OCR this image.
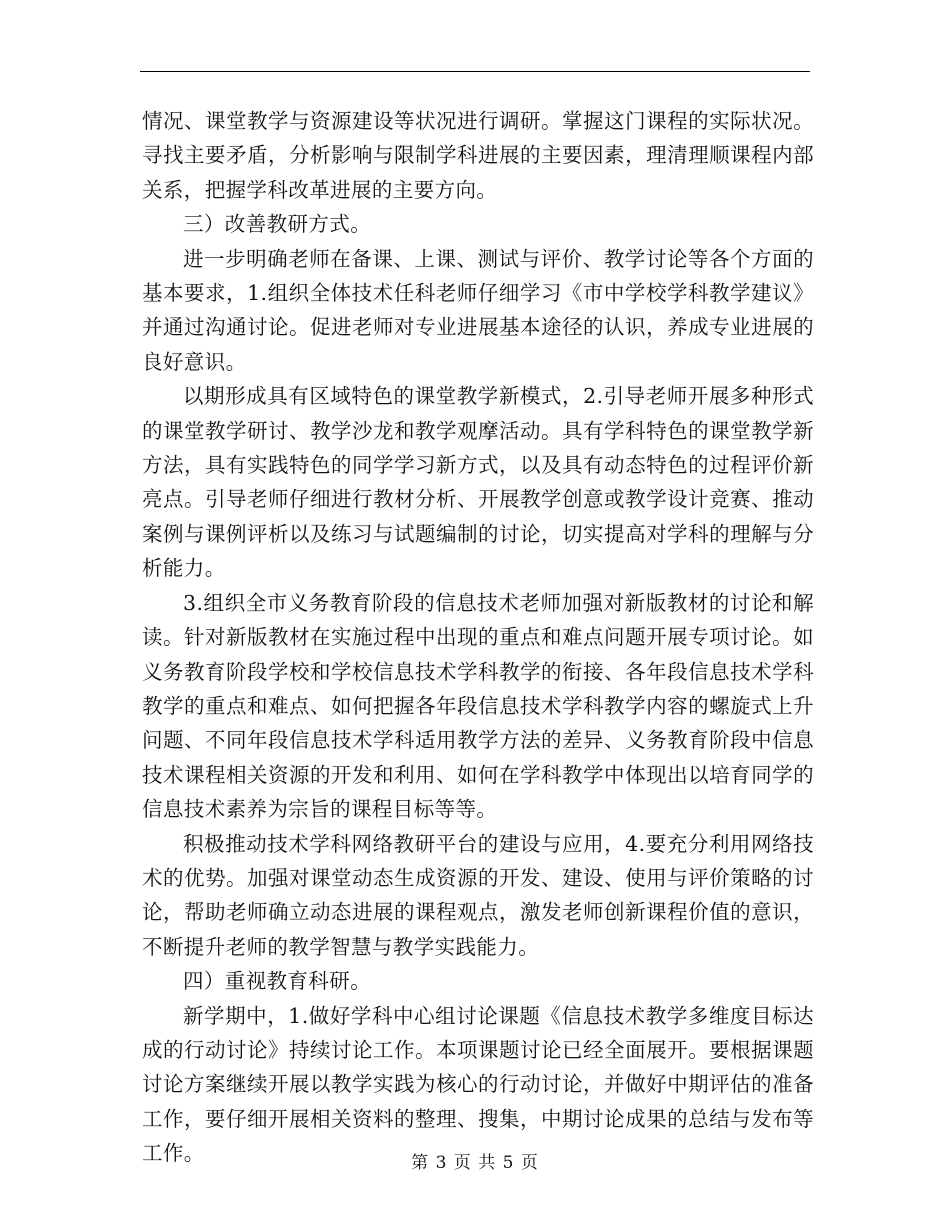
情况、课堂教学与资源建设等状况进行调研。掌握这门课程的实际状况。寻找主要矛盾，分析影响与限制学科进展的主要因素，理清理顺课程内部关系，把握学科改革进展的主要方向。

三）改善教研方式。

进一步明确老师在备课、上课、测试与评价、教学讨论等各个方面的基本要求，1.组织全体技术任科老师仔细学习《市中学校学科教学建议》并通过沟通讨论。促进老师对专业进展基本途径的认识，养成专业进展的良好意识。

以期形成具有区域特色的课堂教学新模式，2.引导老师开展多种形式的课堂教学研讨、教学沙龙和教学观摩活动。具有学科特色的课堂教学新方法，具有实践特色的同学学习新方式，以及具有动态特色的过程评价新亮点。引导老师仔细进行教材分析、开展教学创意或教学设计竞赛、推动案例与课例评析以及练习与试题编制的讨论，切实提高对学科的理解与分析能力。

3.组织全市义务教育阶段的信息技术老师加强对新版教材的讨论和解读。针对新版教材在实施过程中出现的重点和难点问题开展专项讨论。如义务教育阶段学校和学校信息技术学科教学的衔接、各年段信息技术学科教学的重点和难点、如何把握各年段信息技术学科教学内容的螺旋式上升问题、不同年段信息技术学科适用教学方法的差异、义务教育阶段中信息技术课程相关资源的开发和利用、如何在学科教学中体现出以培育同学的信息技术素养为宗旨的课程目标等等。

积极推动技术学科网络教研平台的建设与应用，4.要充分利用网络技术的优势。加强对课堂动态生成资源的开发、建设、使用与评价策略的讨论，帮助老师确立动态进展的课程观点，激发老师创新课程价值的意识，不断提升老师的教学智慧与教学实践能力。

四）重视教育科研。

新学期中，1.做好学科中心组讨论课题《信息技术教学多维度目标达成的行动讨论》持续讨论工作。本项课题讨论已经全面展开。要根据课题讨论方案继续开展以教学实践为核心的行动讨论，并做好中期评估的准备工作，要仔细开展相关资料的整理、搜集，中期讨论成果的总结与发布等工作。	第 3 页 共 5 页
